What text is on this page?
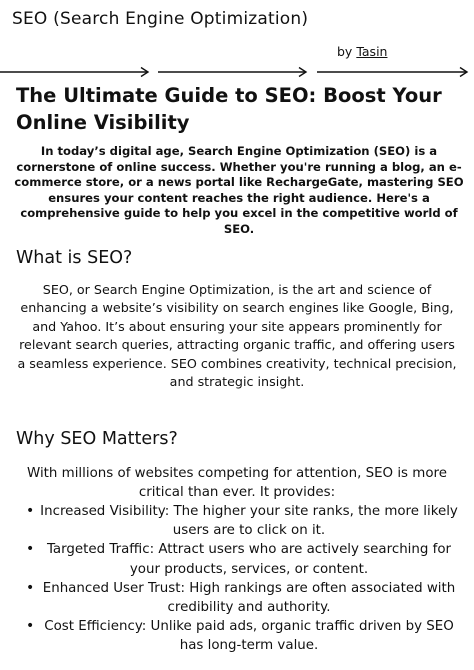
SEO (Search Engine Optimization)
by Tasin
The Ultimate Guide to SEO: Boost Your Online Visibility

In today’s digital age, Search Engine Optimization (SEO) is a cornerstone of online success. Whether you're running a blog, an e-commerce store, or a news portal like RechargeGate, mastering SEO ensures your content reaches the right audience. Here's a comprehensive guide to help you excel in the competitive world of SEO.

What is SEO?

SEO, or Search Engine Optimization, is the art and science of enhancing a website’s visibility on search engines like Google, Bing, and Yahoo. It’s about ensuring your site appears prominently for relevant search queries, attracting organic traffic, and offering users a seamless experience. SEO combines creativity, technical precision, and strategic insight.

Why SEO Matters?

With millions of websites competing for attention, SEO is more critical than ever. It provides:

• Increased Visibility: The higher your site ranks, the more likely users are to click on it.
• Targeted Traffic: Attract users who are actively searching for your products, services, or content.
• Enhanced User Trust: High rankings are often associated with credibility and authority.
• Cost Efficiency: Unlike paid ads, organic traffic driven by SEO has long-term value.
